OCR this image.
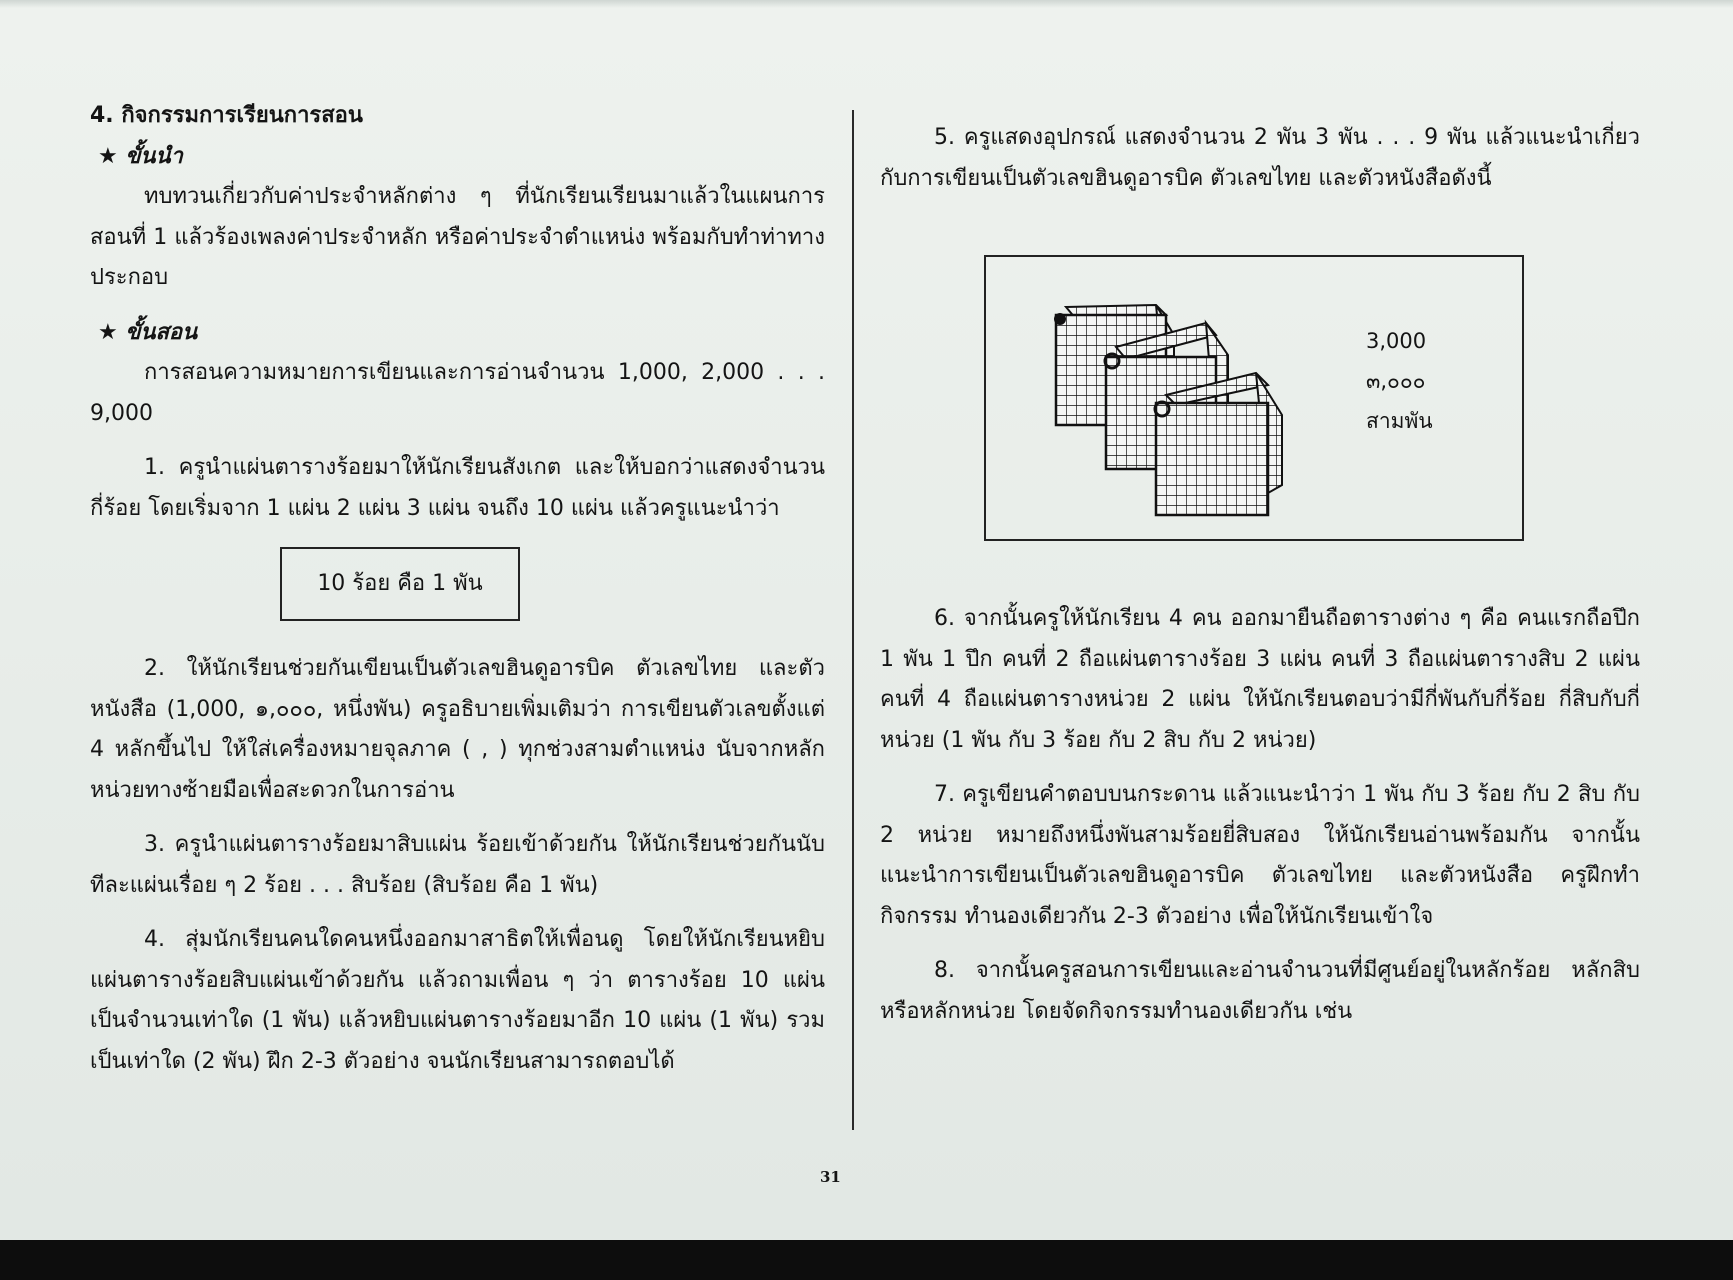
4. กิจกรรมการเรียนการสอน

★ ขั้นนำ

ทบทวนเกี่ยวกับค่าประจำหลักต่าง ๆ ที่นักเรียนเรียนมาแล้วในแผนการสอนที่ 1 แล้วร้องเพลงค่าประจำหลัก หรือค่าประจำตำแหน่ง พร้อมกับทำท่าทางประกอบ

★ ขั้นสอน

การสอนความหมายการเขียนและการอ่านจำนวน 1,000, 2,000 . . . 9,000

1. ครูนำแผ่นตารางร้อยมาให้นักเรียนสังเกต และให้บอกว่าแสดงจำนวนกี่ร้อย โดยเริ่มจาก 1 แผ่น 2 แผ่น 3 แผ่น จนถึง 10 แผ่น แล้วครูแนะนำว่า

10 ร้อย คือ 1 พัน

2. ให้นักเรียนช่วยกันเขียนเป็นตัวเลขฮินดูอารบิค ตัวเลขไทย และตัวหนังสือ (1,000, ๑,๐๐๐, หนึ่งพัน) ครูอธิบายเพิ่มเติมว่า การเขียนตัวเลขตั้งแต่ 4 หลักขึ้นไป ให้ใส่เครื่องหมายจุลภาค ( , ) ทุกช่วงสามตำแหน่ง นับจากหลักหน่วยทางซ้ายมือเพื่อสะดวกในการอ่าน

3. ครูนำแผ่นตารางร้อยมาสิบแผ่น ร้อยเข้าด้วยกัน ให้นักเรียนช่วยกันนับทีละแผ่นเรื่อย ๆ 2 ร้อย . . . สิบร้อย (สิบร้อย คือ 1 พัน)

4. สุ่มนักเรียนคนใดคนหนึ่งออกมาสาธิตให้เพื่อนดู โดยให้นักเรียนหยิบแผ่นตารางร้อยสิบแผ่นเข้าด้วยกัน แล้วถามเพื่อน ๆ ว่า ตารางร้อย 10 แผ่น เป็นจำนวนเท่าใด (1 พัน) แล้วหยิบแผ่นตารางร้อยมาอีก 10 แผ่น (1 พัน) รวมเป็นเท่าใด (2 พัน) ฝึก 2-3 ตัวอย่าง จนนักเรียนสามารถตอบได้

5. ครูแสดงอุปกรณ์ แสดงจำนวน 2 พัน 3 พัน . . . 9 พัน แล้วแนะนำเกี่ยวกับการเขียนเป็นตัวเลขฮินดูอารบิค ตัวเลขไทย และตัวหนังสือดังนี้

3,000
๓,๐๐๐
สามพัน

6. จากนั้นครูให้นักเรียน 4 คน ออกมายืนถือตารางต่าง ๆ คือ คนแรกถือปึก 1 พัน 1 ปึก คนที่ 2 ถือแผ่นตารางร้อย 3 แผ่น คนที่ 3 ถือแผ่นตารางสิบ 2 แผ่น คนที่ 4 ถือแผ่นตารางหน่วย 2 แผ่น ให้นักเรียนตอบว่ามีกี่พันกับกี่ร้อย กี่สิบกับกี่หน่วย (1 พัน กับ 3 ร้อย กับ 2 สิบ กับ 2 หน่วย)

7. ครูเขียนคำตอบบนกระดาน แล้วแนะนำว่า 1 พัน กับ 3 ร้อย กับ 2 สิบ กับ 2 หน่วย หมายถึงหนึ่งพันสามร้อยยี่สิบสอง ให้นักเรียนอ่านพร้อมกัน จากนั้นแนะนำการเขียนเป็นตัวเลขฮินดูอารบิค ตัวเลขไทย และตัวหนังสือ ครูฝึกทำกิจกรรม ทำนองเดียวกัน 2-3 ตัวอย่าง เพื่อให้นักเรียนเข้าใจ

8. จากนั้นครูสอนการเขียนและอ่านจำนวนที่มีศูนย์อยู่ในหลักร้อย หลักสิบ หรือหลักหน่วย โดยจัดกิจกรรมทำนองเดียวกัน เช่น

31
